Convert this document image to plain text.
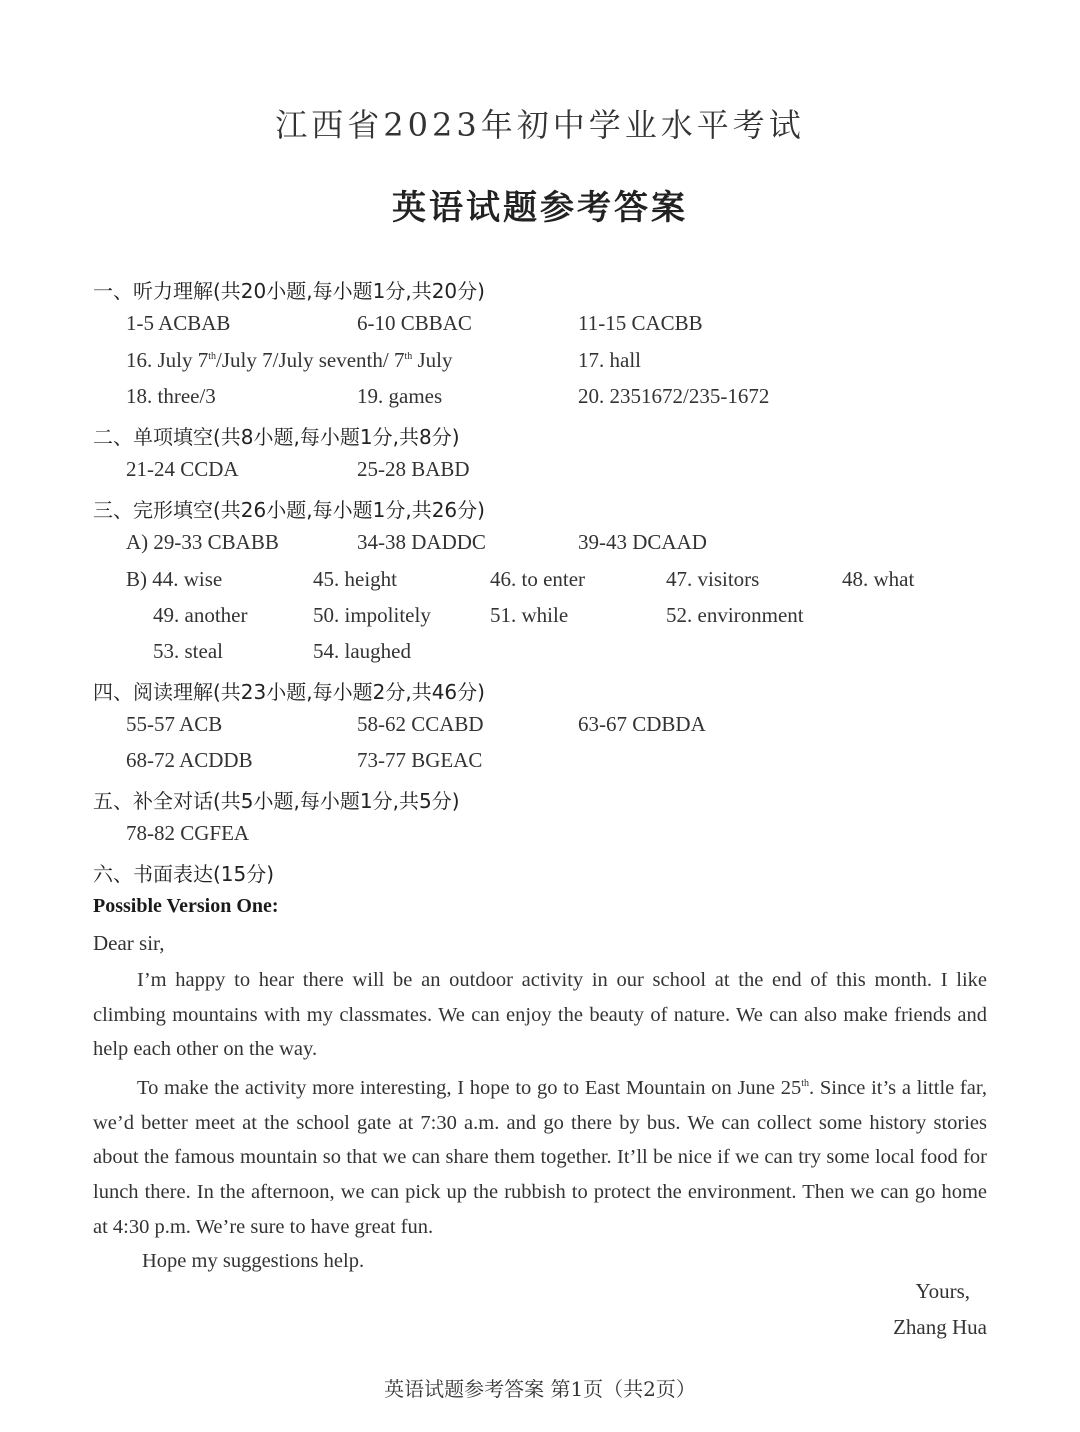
江西省2023年初中学业水平考试
英语试题参考答案
一、听力理解(共20小题,每小题1分,共20分)
1-5 ACBAB	6-10 CBBAC	11-15 CACBB
16. July 7th/July 7/July seventh/ 7th July	17. hall
18. three/3	19. games	20. 2351672/235-1672
二、单项填空(共8小题,每小题1分,共8分)
21-24 CCDA	25-28 BABD
三、完形填空(共26小题,每小题1分,共26分)
A) 29-33 CBABB	34-38 DADDC	39-43 DCAAD
B) 44. wise	45. height	46. to enter	47. visitors	48. what
49. another	50. impolitely	51. while	52. environment
53. steal	54. laughed
四、阅读理解(共23小题,每小题2分,共46分)
55-57 ACB	58-62 CCABD	63-67 CDBDA
68-72 ACDDB	73-77 BGEAC
五、补全对话(共5小题,每小题1分,共5分)
78-82 CGFEA
六、书面表达(15分)
Possible Version One:
Dear sir,

I’m happy to hear there will be an outdoor activity in our school at the end of this month. I like climbing mountains with my classmates. We can enjoy the beauty of nature. We can also make friends and help each other on the way.

To make the activity more interesting, I hope to go to East Mountain on June 25th. Since it’s a little far, we’d better meet at the school gate at 7:30 a.m. and go there by bus. We can collect some history stories about the famous mountain so that we can share them together. It’ll be nice if we can try some local food for lunch there. In the afternoon, we can pick up the rubbish to protect the environment. Then we can go home at 4:30 p.m. We’re sure to have great fun.

Hope my suggestions help.

Yours,
Zhang Hua
英语试题参考答案 第1页（共2页）
